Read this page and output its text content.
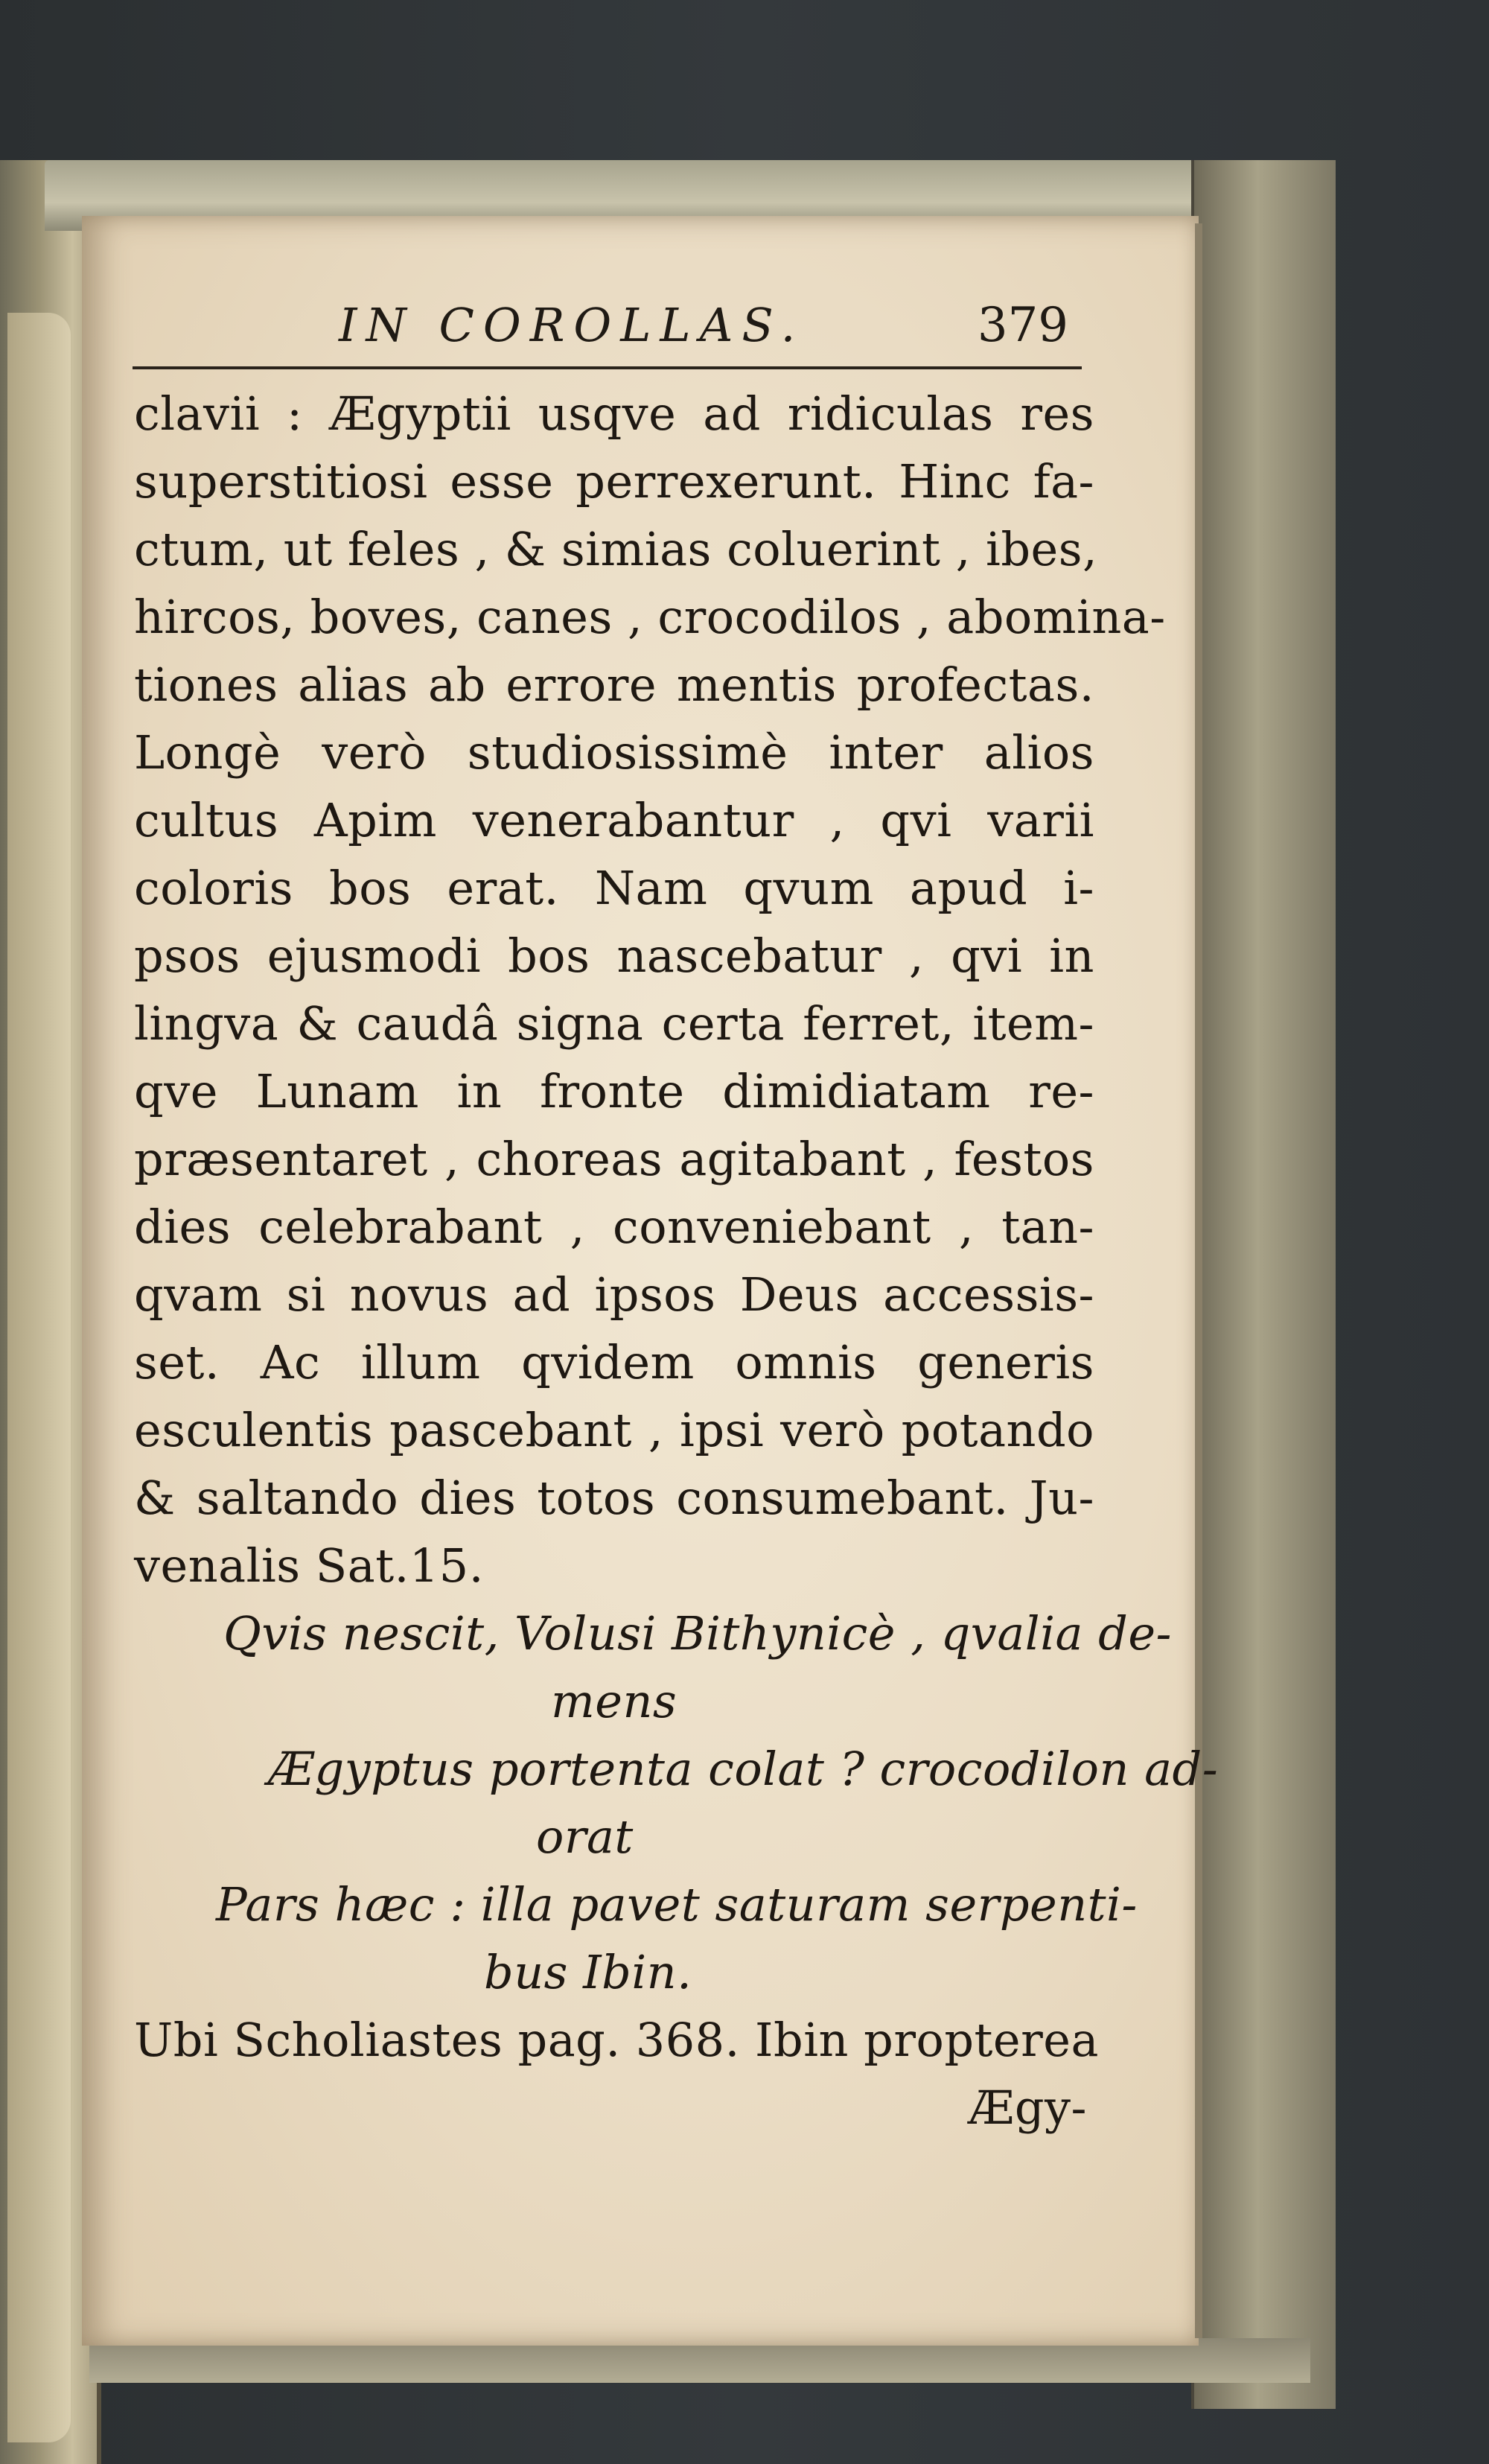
IN COROLLAS.	379
clavii : Ægyptii usqve ad ridiculas res
superstitiosi esse perrexerunt. Hinc fa-
ctum, ut feles , & simias coluerint , ibes,
hircos, boves, canes , crocodilos , abomina-
tiones alias ab errore mentis profectas.
Longè verò studiosissimè inter alios
cultus Apim venerabantur , qvi varii
coloris bos erat. Nam qvum apud i-
psos ejusmodi bos nascebatur , qvi in
lingva & caudâ signa certa ferret, item-
qve Lunam in fronte dimidiatam re-
præsentaret , choreas agitabant , festos
dies celebrabant , conveniebant , tan-
qvam si novus ad ipsos Deus accessis-
set. Ac illum qvidem omnis generis
esculentis pascebant , ipsi verò potando
& saltando dies totos consumebant. Ju-
venalis Sat.15.
Qvis nescit, Volusi Bithynicè , qvalia de-
mens
Ægyptus portenta colat ? crocodilon ad-
orat
Pars hæc : illa pavet saturam serpenti-
bus Ibin.
Ubi Scholiastes pag. 368. Ibin propterea
Ægy-
